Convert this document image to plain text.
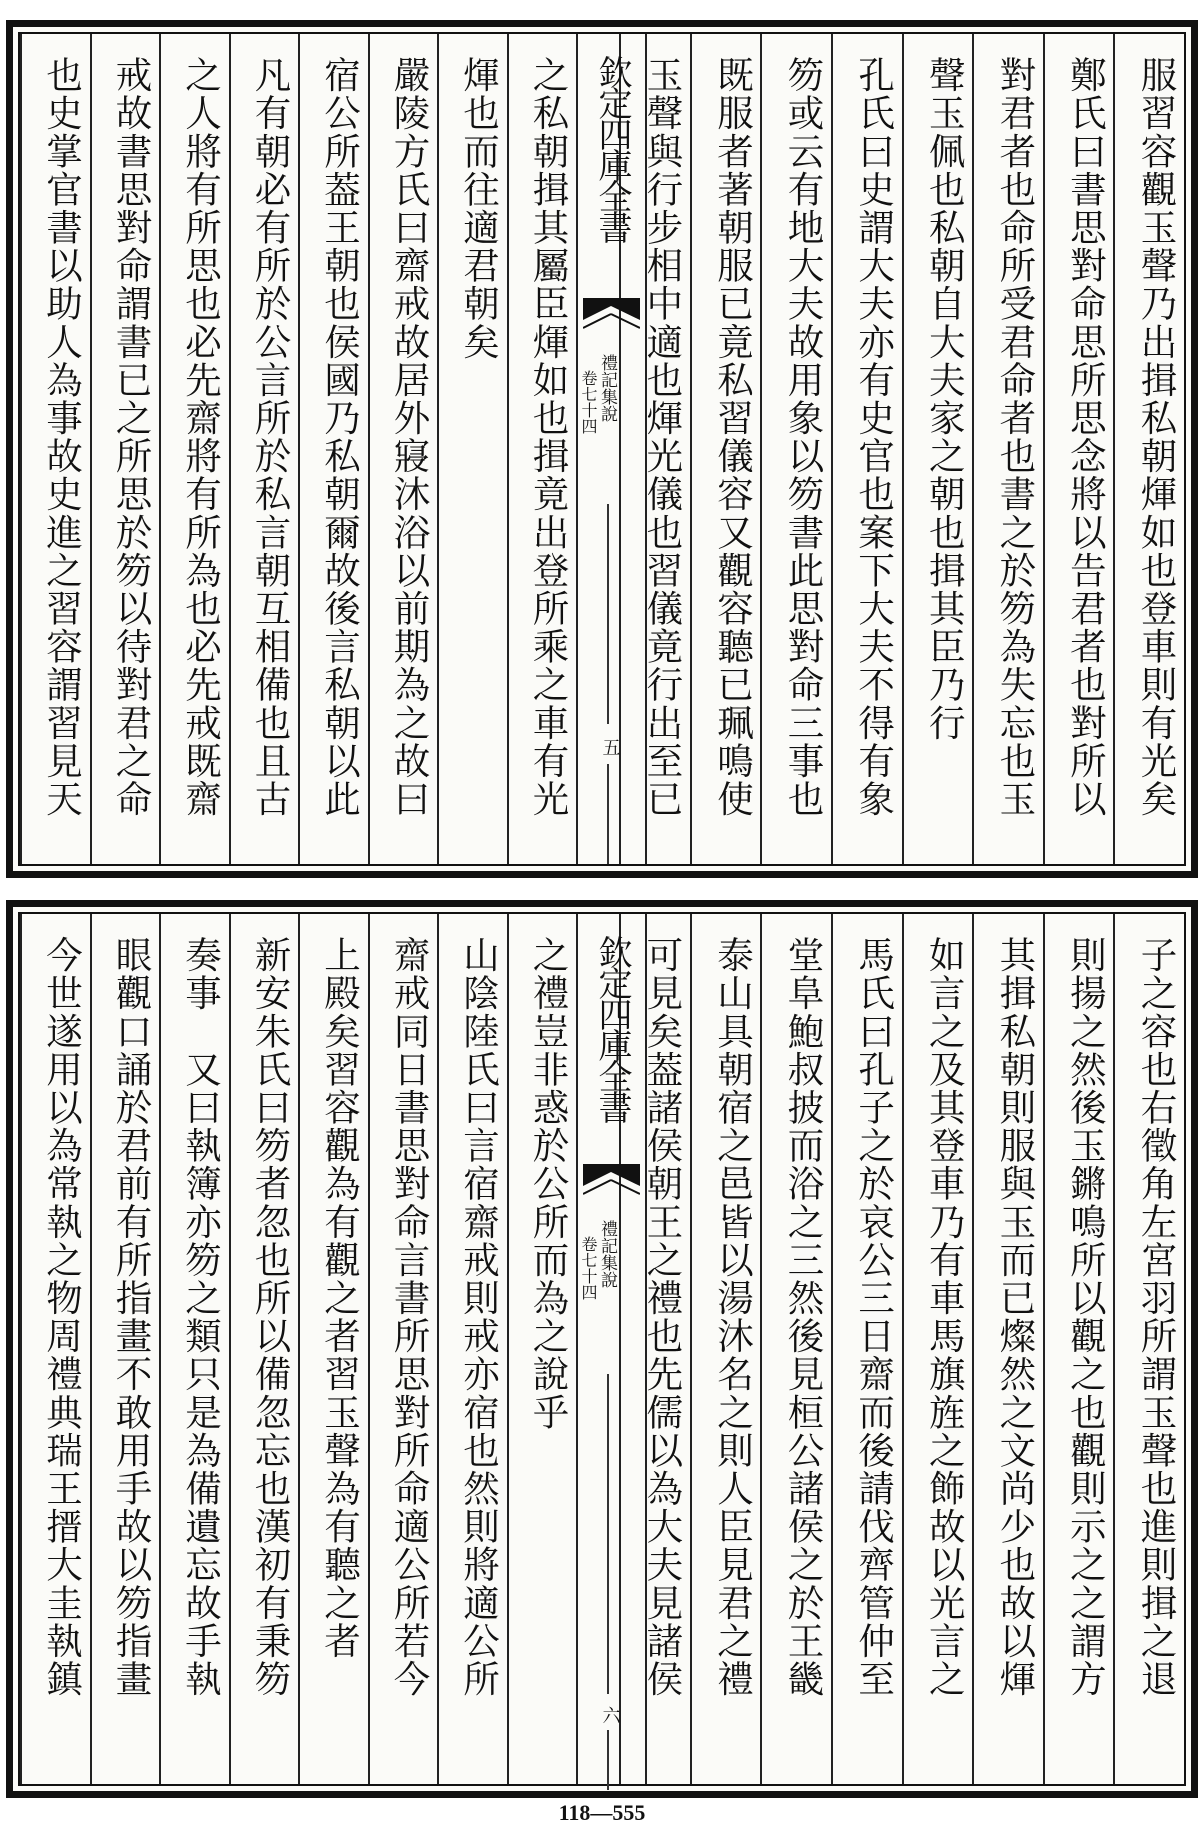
服習容觀玉聲乃出揖私朝煇如也登車則有光矣
鄭氏曰書思對命思所思念將以告君者也對所以
對君者也命所受君命者也書之於笏為失忘也玉
聲玉佩也私朝自大夫家之朝也揖其臣乃行
孔氏曰史謂大夫亦有史官也案下大夫不得有象
笏或云有地大夫故用象以笏書此思對命三事也
既服者著朝服已竟私習儀容又觀容聽已珮鳴使
玉聲與行步相中適也煇光儀也習儀竟行出至已
欽定四庫全書
禮記集說
卷七十四
五
之私朝揖其屬臣煇如也揖竟出登所乘之車有光
煇也而往適君朝矣
嚴陵方氏曰齋戒故居外寢沐浴以前期為之故曰
宿公所葢王朝也侯國乃私朝爾故後言私朝以此
凡有朝必有所於公言所於私言朝互相備也且古
之人將有所思也必先齋將有所為也必先戒既齋
戒故書思對命謂書已之所思於笏以待對君之命
也史掌官書以助人為事故史進之習容謂習見天
子之容也右徵角左宮羽所謂玉聲也進則揖之退
則揚之然後玉鏘鳴所以觀之也觀則示之之謂方
其揖私朝則服與玉而已燦然之文尚少也故以煇
如言之及其登車乃有車馬旗旌之飾故以光言之
馬氏曰孔子之於哀公三日齋而後請伐齊管仲至
堂阜鮑叔披而浴之三然後見桓公諸侯之於王畿
泰山具朝宿之邑皆以湯沐名之則人臣見君之禮
可見矣葢諸侯朝王之禮也先儒以為大夫見諸侯
欽定四庫全書
禮記集說
卷七十四
六
之禮豈非惑於公所而為之說乎
山陰陸氏曰言宿齋戒則戒亦宿也然則將適公所
齋戒同日書思對命言書所思對所命適公所若今
上殿矣習容觀為有觀之者習玉聲為有聽之者
新安朱氏曰笏者忽也所以備忽忘也漢初有秉笏
奏事　又曰執簿亦笏之類只是為備遺忘故手執
眼觀口誦於君前有所指畫不敢用手故以笏指畫
今世遂用以為常執之物周禮典瑞王搢大圭執鎮
118—555
